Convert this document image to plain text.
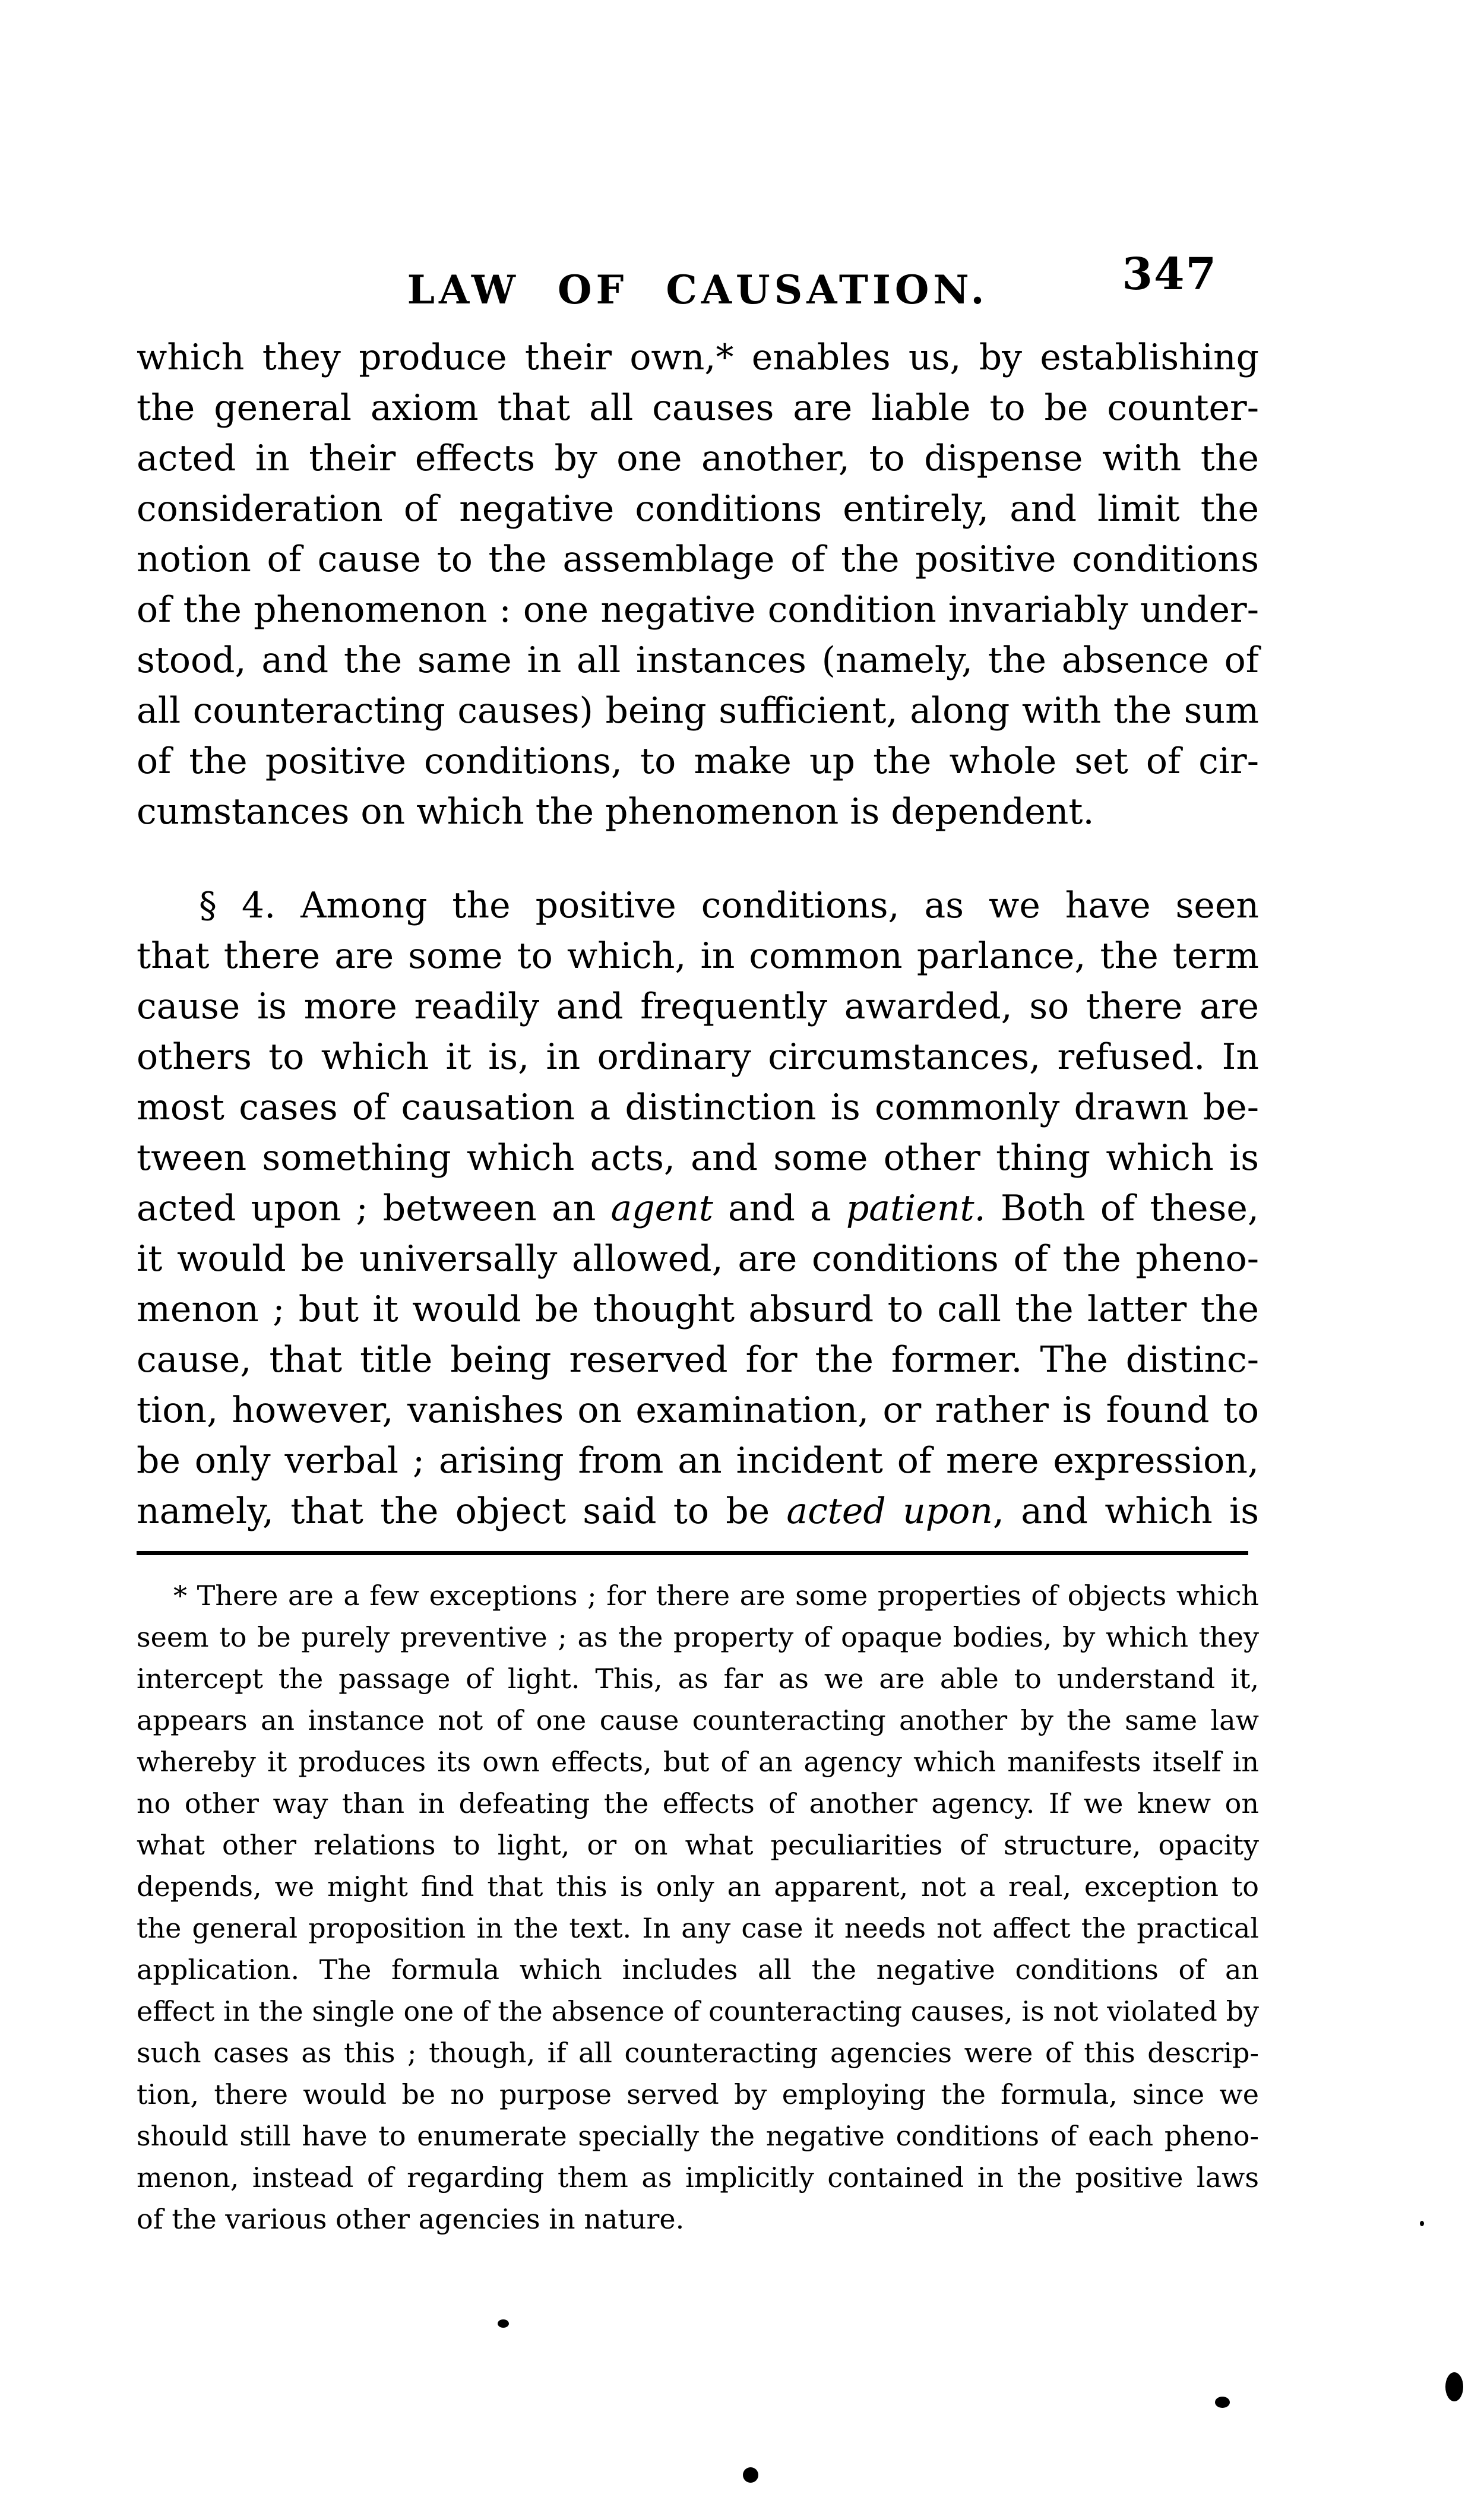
LAW OF CAUSATION.	347
which they produce their own,* enables us, by establishing
the general axiom that all causes are liable to be counter-
acted in their effects by one another, to dispense with the
consideration of negative conditions entirely, and limit the
notion of cause to the assemblage of the positive conditions
of the phenomenon : one negative condition invariably under-
stood, and the same in all instances (namely, the absence of
all counteracting causes) being sufficient, along with the sum
of the positive conditions, to make up the whole set of cir-
cumstances on which the phenomenon is dependent.
§ 4. Among the positive conditions, as we have seen
that there are some to which, in common parlance, the term
cause is more readily and frequently awarded, so there are
others to which it is, in ordinary circumstances, refused. In
most cases of causation a distinction is commonly drawn be-
tween something which acts, and some other thing which is
acted upon ; between an agent and a patient. Both of these,
it would be universally allowed, are conditions of the pheno-
menon ; but it would be thought absurd to call the latter the
cause, that title being reserved for the former. The distinc-
tion, however, vanishes on examination, or rather is found to
be only verbal ; arising from an incident of mere expression,
namely, that the object said to be acted upon, and which is
* There are a few exceptions ; for there are some properties of objects which
seem to be purely preventive ; as the property of opaque bodies, by which they
intercept the passage of light. This, as far as we are able to understand it,
appears an instance not of one cause counteracting another by the same law
whereby it produces its own effects, but of an agency which manifests itself in
no other way than in defeating the effects of another agency. If we knew on
what other relations to light, or on what peculiarities of structure, opacity
depends, we might find that this is only an apparent, not a real, exception to
the general proposition in the text. In any case it needs not affect the practical
application. The formula which includes all the negative conditions of an
effect in the single one of the absence of counteracting causes, is not violated by
such cases as this ; though, if all counteracting agencies were of this descrip-
tion, there would be no purpose served by employing the formula, since we
should still have to enumerate specially the negative conditions of each pheno-
menon, instead of regarding them as implicitly contained in the positive laws
of the various other agencies in nature.
